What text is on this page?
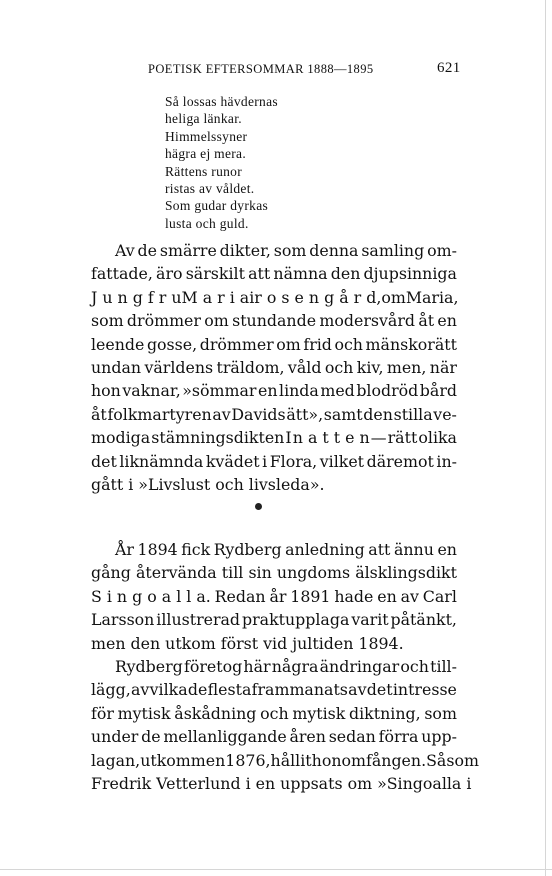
POETISK EFTERSOMMAR 1888—1895	621
Så lossas hävdernas
heliga länkar.
Himmelssyner
hägra ej mera.
Rättens runor
ristas av våldet.
Som gudar dyrkas
lusta och guld.
Av de smärre dikter, som denna samling om-
fattade, äro särskilt att nämna den djupsinniga
J u n g f r u M a r i a i r o s e n g å r d, om Maria,
som drömmer om stundande modersvård åt en
leende gosse, drömmer om frid och mänskorätt
undan världens träldom, våld och kiv, men, när
hon vaknar, »sömmar en linda med blodröd bård
åt folkmartyren av Davids ätt», samt den stilla ve-
modiga stämningsdikten I n a t t e n — rätt olika
det liknämnda kvädet i Flora, vilket däremot in-
gått i »Livslust och livsleda».
År 1894 fick Rydberg anledning att ännu en
gång återvända till sin ungdoms älsklingsdikt
S i n g o a l l a. Redan år 1891 hade en av Carl
Larsson illustrerad praktupplaga varit påtänkt,
men den utkom först vid jultiden 1894.
Rydberg företog här några ändringar och till-
lägg, av vilka de flesta frammanats av det intresse
för mytisk åskådning och mytisk diktning, som
under de mellanliggande åren sedan förra upp-
lagan, utkommen 1876, hållit honom fången. Såsom
Fredrik Vetterlund i en uppsats om »Singoalla i
